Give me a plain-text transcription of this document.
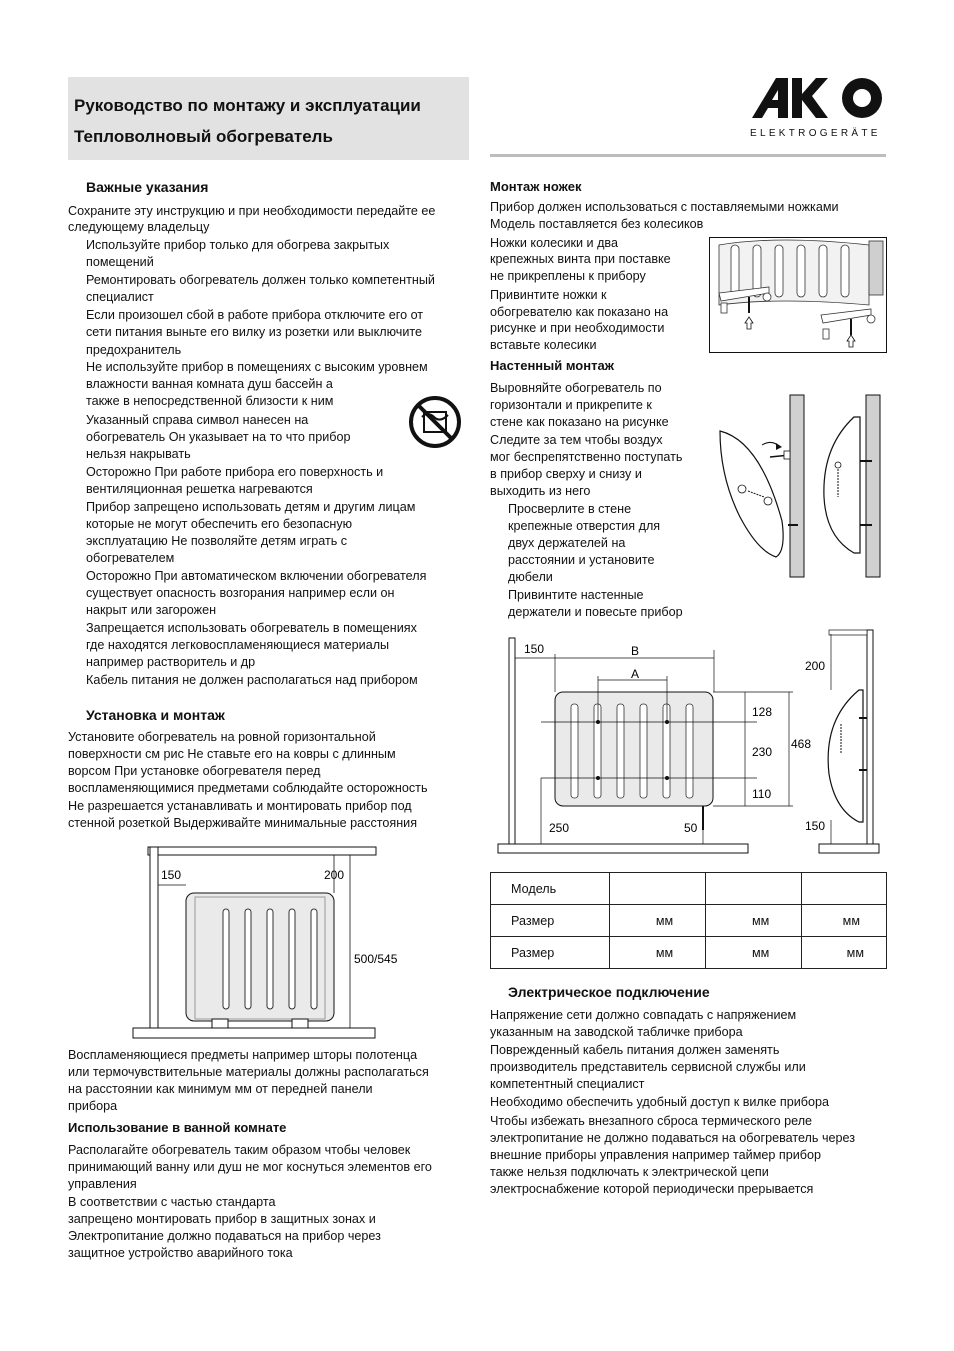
Руководство по монтажу и эксплуатации
Тепловолновый обогреватель	ELEKTROGERÄTE
Важные указания
Сохраните эту инструкцию и при необходимости передайте ее
следующему владельцу
Используйте прибор только для обогрева закрытых
помещений
Ремонтировать обогреватель должен только компетентный
специалист
Если произошел сбой в работе прибора отключите его от
сети питания выньте его вилку из розетки или выключите
предохранитель
Не используйте прибор в помещениях с высоким уровнем
влажности ванная комната душ бассейн а
также в непосредственной близости к ним
Указанный справа символ нанесен на
обогреватель Он указывает на то что прибор
нельзя накрывать
Осторожно При работе прибора его поверхность и
вентиляционная решетка нагреваются
Прибор запрещено использовать детям и другим лицам
которые не могут обеспечить его безопасную
эксплуатацию Не позволяйте детям играть с
обогревателем
Осторожно При автоматическом включении обогревателя
существует опасность возгорания например если он
накрыт или загорожен
Запрещается использовать обогреватель в помещениях
где находятся легковоспламеняющиеся материалы
например растворитель и др
Кабель питания не должен располагаться над прибором
Установка и монтаж
Установите обогреватель на ровной горизонтальной
поверхности см рис Не ставьте его на ковры с длинным
ворсом При установке обогревателя перед
воспламеняющимися предметами соблюдайте осторожность
Не разрешается устанавливать и монтировать прибор под
стенной розеткой Выдерживайте минимальные расстояния
150	200
500/545
Воспламеняющиеся предметы например шторы полотенца
или термочувствительные материалы должны располагаться
на расстоянии как минимум мм от передней панели
прибора
Использование в ванной комнате
Располагайте обогреватель таким образом чтобы человек
принимающий ванну или душ не мог коснуться элементов его
управления
В соответствии с частью стандарта
запрещено монтировать прибор в защитных зонах и
Электропитание должно подаваться на прибор через
защитное устройство аварийного тока
Монтаж ножек
Прибор должен использоваться с поставляемыми ножками
Модель поставляется без колесиков
Ножки колесики и два
крепежных винта при поставке
не прикреплены к прибору
Привинтите ножки к
обогревателю как показано на
рисунке и при необходимости
вставьте колесики
Настенный монтаж
Выровняйте обогреватель по
горизонтали и прикрепите к
стене как показано на рисунке
Следите за тем чтобы воздух
мог беспрепятственно поступать
в прибор сверху и снизу и
выходить из него
Просверлите в стене
крепежные отверстия для
двух держателей на
расстоянии и установите
дюбели
Привинтите настенные
держатели и повесьте прибор
150	B
A
128
230
110
468
250	50
200
150
Модель			
Размер	мм	мм	мм
Размер	мм	мм	мм
Электрическое подключение
Напряжение сети должно совпадать с напряжением
указанным на заводской табличке прибора
Поврежденный кабель питания должен заменять
производитель представитель сервисной службы или
компетентный специалист
Необходимо обеспечить удобный доступ к вилке прибора
Чтобы избежать внезапного сброса термического реле
электропитание не должно подаваться на обогреватель через
внешние приборы управления например таймер прибор
также нельзя подключать к электрической цепи
электроснабжение которой периодически прерывается
